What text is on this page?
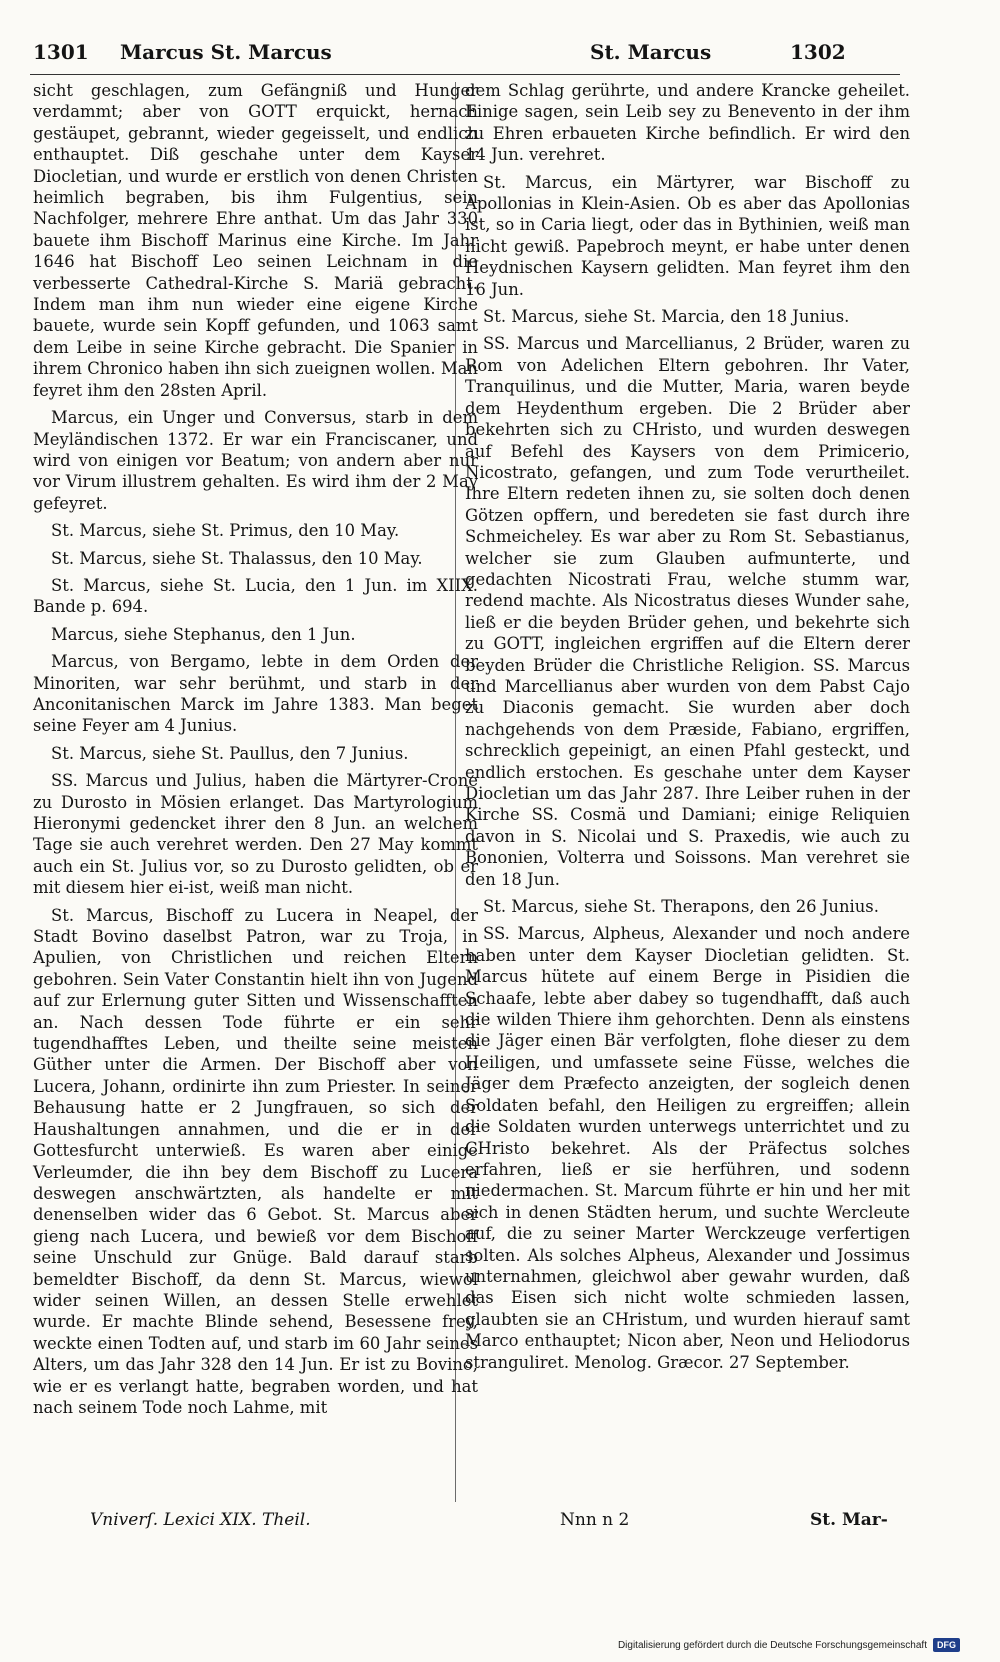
1301 Marcus St. Marcus	St. Marcus	1302

sicht geschlagen, zum Gefängniß und Hunger verdammt; aber von GOTT erquickt, hernach gestäupet, gebrannt, wieder gegeisselt, und endlich enthauptet. Diß geschahe unter dem Kayser Diocletian, und wurde er erstlich von denen Christen heimlich begraben, bis ihm Fulgentius, sein Nachfolger, mehrere Ehre anthat. Um das Jahr 330 bauete ihm Bischoff Marinus eine Kirche. Im Jahr 1646 hat Bischoff Leo seinen Leichnam in die verbesserte Cathedral-Kirche S. Mariä gebracht. Indem man ihm nun wieder eine eigene Kirche bauete, wurde sein Kopff gefunden, und 1063 samt dem Leibe in seine Kirche gebracht. Die Spanier in ihrem Chronico haben ihn sich zueignen wollen. Man feyret ihm den 28sten April.

Marcus, ein Unger und Conversus, starb in dem Meyländischen 1372. Er war ein Franciscaner, und wird von einigen vor Beatum; von andern aber nur vor Virum illustrem gehalten. Es wird ihm der 2 May gefeyret.

St. Marcus, siehe St. Primus, den 10 May.

St. Marcus, siehe St. Thalassus, den 10 May.

St. Marcus, siehe St. Lucia, den 1 Jun. im XIIX. Bande p. 694.

Marcus, siehe Stephanus, den 1 Jun.

Marcus, von Bergamo, lebte in dem Orden der Minoriten, war sehr berühmt, und starb in der Anconitanischen Marck im Jahre 1383. Man beget seine Feyer am 4 Junius.

St. Marcus, siehe St. Paullus, den 7 Junius.

SS. Marcus und Julius, haben die Märtyrer-Crone zu Durosto in Mösien erlanget. Das Martyrologium Hieronymi gedencket ihrer den 8 Jun. an welchem Tage sie auch verehret werden. Den 27 May kommt auch ein St. Julius vor, so zu Durosto gelidten, ob er mit diesem hier ei-ist, weiß man nicht.

St. Marcus, Bischoff zu Lucera in Neapel, der Stadt Bovino daselbst Patron, war zu Troja, in Apulien, von Christlichen und reichen Eltern gebohren. Sein Vater Constantin hielt ihn von Jugend auf zur Erlernung guter Sitten und Wissenschafften an. Nach dessen Tode führte er ein sehr tugendhafftes Leben, und theilte seine meisten Güther unter die Armen. Der Bischoff aber von Lucera, Johann, ordinirte ihn zum Priester. In seiner Behausung hatte er 2 Jungfrauen, so sich der Haushaltungen annahmen, und die er in der Gottesfurcht unterwieß. Es waren aber einige Verleumder, die ihn bey dem Bischoff zu Lucera deswegen anschwärtzten, als handelte er mit denenselben wider das 6 Gebot. St. Marcus aber gieng nach Lucera, und bewieß vor dem Bischoff seine Unschuld zur Gnüge. Bald darauf starb bemeldter Bischoff, da denn St. Marcus, wiewol wider seinen Willen, an dessen Stelle erwehlet wurde. Er machte Blinde sehend, Besessene frey, weckte einen Todten auf, und starb im 60 Jahr seines Alters, um das Jahr 328 den 14 Jun. Er ist zu Bovino, wie er es verlangt hatte, begraben worden, und hat nach seinem Tode noch Lahme, mit

dem Schlag gerührte, und andere Krancke geheilet. Einige sagen, sein Leib sey zu Benevento in der ihm zu Ehren erbaueten Kirche befindlich. Er wird den 14 Jun. verehret.

St. Marcus, ein Märtyrer, war Bischoff zu Apollonias in Klein-Asien. Ob es aber das Apollonias ist, so in Caria liegt, oder das in Bythinien, weiß man nicht gewiß. Papebroch meynt, er habe unter denen Heydnischen Kaysern gelidten. Man feyret ihm den 16 Jun.

St. Marcus, siehe St. Marcia, den 18 Junius.

SS. Marcus und Marcellianus, 2 Brüder, waren zu Rom von Adelichen Eltern gebohren. Ihr Vater, Tranquilinus, und die Mutter, Maria, waren beyde dem Heydenthum ergeben. Die 2 Brüder aber bekehrten sich zu CHristo, und wurden deswegen auf Befehl des Kaysers von dem Primicerio, Nicostrato, gefangen, und zum Tode verurtheilet. Ihre Eltern redeten ihnen zu, sie solten doch denen Götzen opffern, und beredeten sie fast durch ihre Schmeicheley. Es war aber zu Rom St. Sebastianus, welcher sie zum Glauben aufmunterte, und gedachten Nicostrati Frau, welche stumm war, redend machte. Als Nicostratus dieses Wunder sahe, ließ er die beyden Brüder gehen, und bekehrte sich zu GOTT, ingleichen ergriffen auf die Eltern derer beyden Brüder die Christliche Religion. SS. Marcus und Marcellianus aber wurden von dem Pabst Cajo zu Diaconis gemacht. Sie wurden aber doch nachgehends von dem Præside, Fabiano, ergriffen, schrecklich gepeinigt, an einen Pfahl gesteckt, und endlich erstochen. Es geschahe unter dem Kayser Diocletian um das Jahr 287. Ihre Leiber ruhen in der Kirche SS. Cosmä und Damiani; einige Reliquien davon in S. Nicolai und S. Praxedis, wie auch zu Bononien, Volterra und Soissons. Man verehret sie den 18 Jun.

St. Marcus, siehe St. Therapons, den 26 Junius.

SS. Marcus, Alpheus, Alexander und noch andere haben unter dem Kayser Diocletian gelidten. St. Marcus hütete auf einem Berge in Pisidien die Schaafe, lebte aber dabey so tugendhafft, daß auch die wilden Thiere ihm gehorchten. Denn als einstens die Jäger einen Bär verfolgten, flohe dieser zu dem Heiligen, und umfassete seine Füsse, welches die Jäger dem Præfecto anzeigten, der sogleich denen Soldaten befahl, den Heiligen zu ergreiffen; allein die Soldaten wurden unterwegs unterrichtet und zu CHristo bekehret. Als der Präfectus solches erfahren, ließ er sie herführen, und sodenn niedermachen. St. Marcum führte er hin und her mit sich in denen Städten herum, und suchte Wercleute auf, die zu seiner Marter Werckzeuge verfertigen solten. Als solches Alpheus, Alexander und Jossimus unternahmen, gleichwol aber gewahr wurden, daß das Eisen sich nicht wolte schmieden lassen, glaubten sie an CHristum, und wurden hierauf samt Marco enthauptet; Nicon aber, Neon und Heliodorus stranguliret. Menolog. Græcor. 27 September.

Vniverſ. Lexici XIX. Theil.	Nnn n 2	St. Mar-
Digitalisierung gefördert durch die Deutsche Forschungsgemeinschaft	DFG
